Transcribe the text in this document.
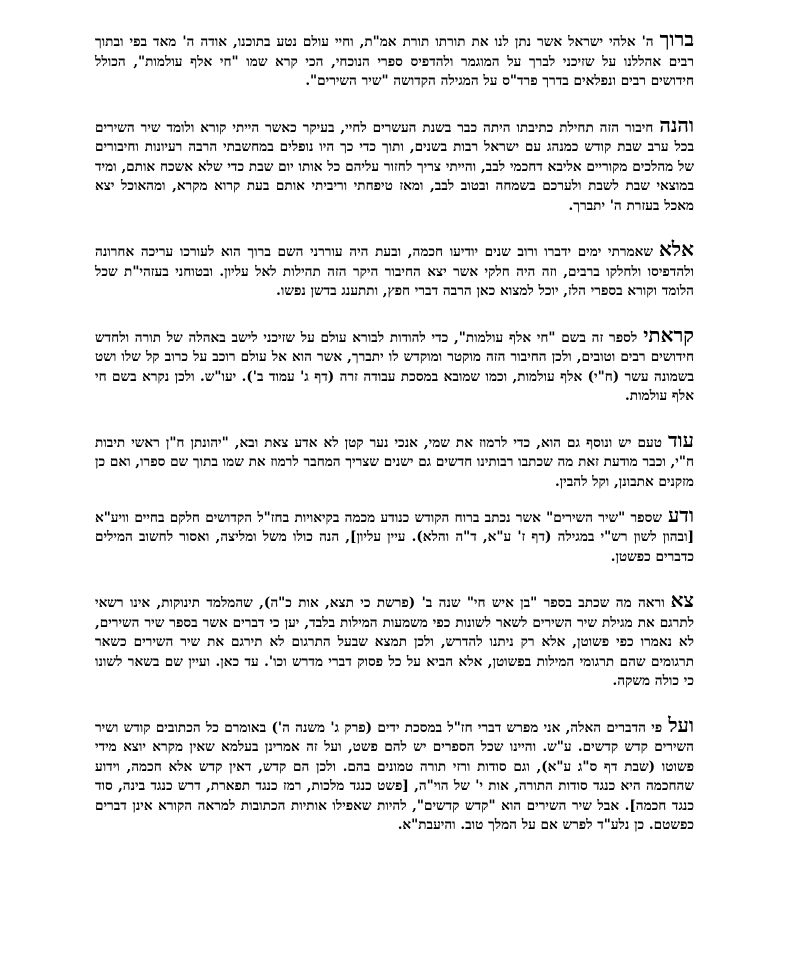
ברוךה' אלהי ישראל אשר נתן לנו את תורתו תורת אמ"ת, וחיי עולם נטע בתוכנו, אודה ה' מאד בפי ובתוך רבים אהללנו על שזיכני לברך על המוגמר ולהדפיס ספרי הנוכחי, הכי קרא שמו "חי אלף עולמות", הכולל חידושים רבים ונפלאים בדרך פרד"ס על המגילה הקדושה "שיר השירים".

והנהחיבור הזה תחילת כתיבתו היתה כבר בשנת העשרים לחיי, בעיקר כאשר הייתי קורא ולומד שיר השירים בכל ערב שבת קודש כמנהג עם ישראל רבות בשנים, ותוך כדי כך היו נופלים במחשבתי הרבה רעיונות וחיבורים של מהלכים מקוריים אליבא דחכמי לבב, והייתי צריך לחזור עליהם כל אותו יום שבת כדי שלא אשכח אותם, ומיד במוצאי שבת לשבת ולערכם בשמחה ובטוב לבב, ומאז טיפחתי וריביתי אותם בעת קרוא מקרא, ומהאוכל יצא מאכל בעזרת ה' יתברך.

אלאשאמרתי ימים ידברו ורוב שנים יודיעו חכמה, ובעת היה עוררני השם ברוך הוא לעורכו עריכה אחרונה ולהדפיסו ולחלקו ברבים, וזה היה חלקי אשר יצא החיבור היקר הזה תהילות לאל עליון. ובטוחני בעזהי"ת שכל הלומד וקורא בספרי הלז, יוכל למצוא כאן הרבה דברי חפץ, ותתענג בדשן נפשו.

קראתילספר זה בשם "חי אלף עולמות", כדי להודות לבורא עולם על שזיכני לישב באהלה של תורה ולחדש חידושים רבים וטובים, ולכן החיבור הזה מוקטר ומוקדש לו יתברך, אשר הוא אל עולם רוכב על כרוב קל שלו ושט בשמונה עשר (ח"י) אלף עולמות, וכמו שמובא במסכת עבודה זרה (דף ג' עמוד ב'). יעו"ש. ולכן נקרא בשם חי אלף עולמות.

עודטעם יש ונוסף גם הוא, כדי לרמוז את שמי, אנכי נער קטן לא אדע צאת ובא, "יהונתן ח"ן ראשי תיבות ח"י, וכבר מודעת זאת מה שכתבו רבותינו חדשים גם ישנים שצריך המחבר לרמוז את שמו בתוך שם ספרו, ואם כן מזקנים אתבונן, וקל להבין.

ודעשספר "שיר השירים" אשר נכתב ברוח הקודש כנודע מכמה בקיאויות בחז"ל הקדושים חלקם בחיים וויע"א [ובהון לשון רש"י במגילה (דף ז' ע"א, ד"ה והלא). עיין עליון], הנה כולו משל ומליצה, ואסור לחשוב המילים כדברים כפשטן.

צאוראה מה שכתב בספר "בן איש חי" שנה ב' (פרשת כי תצא, אות כ"ה), שהמלמד תינוקות, אינו רשאי לתרגם את מגילת שיר השירים לשאר לשונות כפי משמעות המילות בלבד, יען כי דברים אשר בספר שיר השירים, לא נאמרו כפי פשוטן, אלא רק ניתנו להדרש, ולכן תמצא שבעל התרגום לא תירגם את שיר השירים כשאר תרגומים שהם תרגומי המילות בפשוטן, אלא הביא על כל פסוק דברי מדרש וכו'. עד כאן. ועיין שם בשאר לשונו כי כולה משקה.

ועלפי הדברים האלה, אני מפרש דברי חז"ל במסכת ידים (פרק ג' משנה ה') באומרם כל הכתובים קודש ושיר השירים קדש קדשים. ע"ש. והיינו שכל הספרים יש להם פשט, ועל זה אמרינן בעלמא שאין מקרא יוצא מידי פשוטו (שבת דף ס"ג ע"א), וגם סודות ורזי תורה טמונים בהם. ולכן הם קדש, דאין קדש אלא חכמה, וידוע שהחכמה היא כנגד סודות התורה, אות י' של הוי"ה, [פשט כנגד מלכות, רמז כנגד תפארת, דרש כנגד בינה, סוד כנגד חכמה]. אבל שיר השירים הוא "קדש קדשים", להיות שאפילו אותיות הכתובות למראה הקורא אינן דברים כפשטם. כן נלע"ד לפרש אם על המלך טוב. והיעבת"א.
